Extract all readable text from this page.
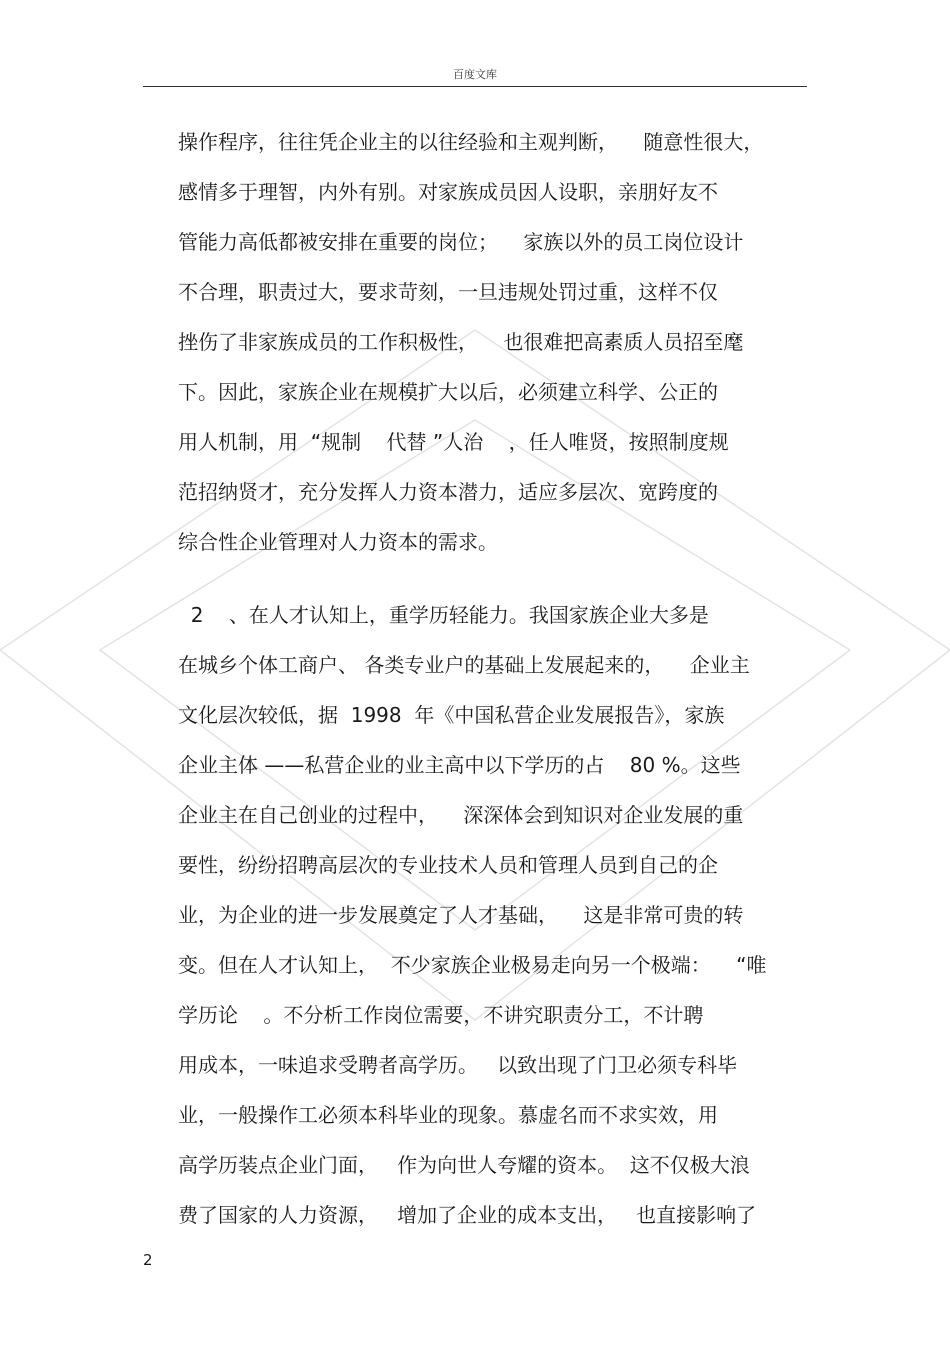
百度文库
操作程序，往往凭企业主的以往经验和主观判断，    随意性很大，
感情多于理智，内外有别。对家族成员因人设职，亲朋好友不
管能力高低都被安排在重要的岗位；    家族以外的员工岗位设计
不合理，职责过大，要求苛刻，一旦违规处罚过重，这样不仅
挫伤了非家族成员的工作积极性，    也很难把高素质人员招至麾
下。因此，家族企业在规模扩大以后，必须建立科学、公正的
用人机制，用  “规制    代替 ”人治    ，任人唯贤，按照制度规
范招纳贤才，充分发挥人力资本潜力，适应多层次、宽跨度的
综合性企业管理对人力资本的需求。
2    、在人才认知上，重学历轻能力。我国家族企业大多是
在城乡个体工商户、 各类专业户的基础上发展起来的，    企业主
文化层次较低，据  1998  年《中国私营企业发展报告》，家族
企业主体 ——私营企业的业主高中以下学历的占    80 %。这些
企业主在自己创业的过程中，    深深体会到知识对企业发展的重
要性，纷纷招聘高层次的专业技术人员和管理人员到自己的企
业，为企业的进一步发展奠定了人才基础，    这是非常可贵的转
变。但在人才认知上，  不少家族企业极易走向另一个极端：    “唯
学历论    。不分析工作岗位需要，不讲究职责分工，不计聘
用成本，一味追求受聘者高学历。   以致出现了门卫必须专科毕
业，一般操作工必须本科毕业的现象。慕虚名而不求实效，用
高学历装点企业门面，   作为向世人夸耀的资本。  这不仅极大浪
费了国家的人力资源，   增加了企业的成本支出，   也直接影响了
2
